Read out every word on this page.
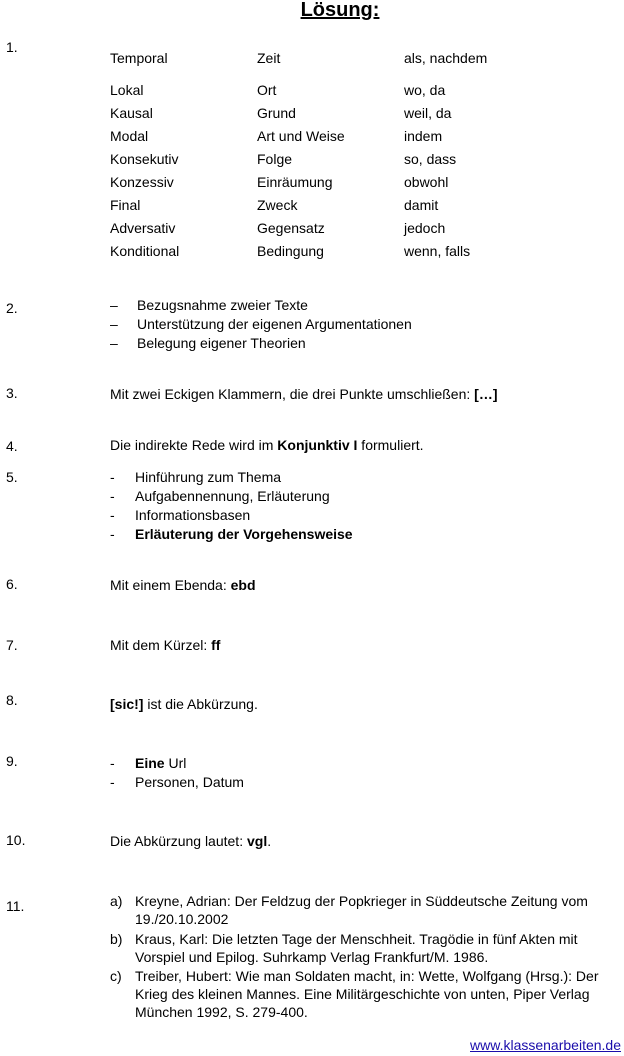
Lösung:
1.
Temporal	Zeit	als, nachdem
Lokal	Ort	wo, da
Kausal	Grund	weil, da
Modal	Art und Weise	indem
Konsekutiv	Folge	so, dass
Konzessiv	Einräumung	obwohl
Final	Zweck	damit
Adversativ	Gegensatz	jedoch
Konditional	Bedingung	wenn, falls
2.	–	Bezugsnahme zweier Texte
–	Unterstützung der eigenen Argumentationen
–	Belegung eigener Theorien
3.	Mit zwei Eckigen Klammern, die drei Punkte umschließen: […]
4.	Die indirekte Rede wird im Konjunktiv I formuliert.
5.	-	Hinführung zum Thema
-	Aufgabennennung, Erläuterung
-	Informationsbasen
-	Erläuterung der Vorgehensweise
6.	Mit einem Ebenda: ebd
7.	Mit dem Kürzel: ff
8.	[sic!] ist die Abkürzung.
9.	-	Eine Url
-	Personen, Datum
10.	Die Abkürzung lautet: vgl.
11.	a) Kreyne, Adrian: Der Feldzug der Popkrieger in Süddeutsche Zeitung vom 19./20.10.2002
b) Kraus, Karl: Die letzten Tage der Menschheit. Tragödie in fünf Akten mit Vorspiel und Epilog. Suhrkamp Verlag Frankfurt/M. 1986.
c) Treiber, Hubert: Wie man Soldaten macht, in: Wette, Wolfgang (Hrsg.): Der Krieg des kleinen Mannes. Eine Militärgeschichte von unten, Piper Verlag München 1992, S. 279-400.
www.klassenarbeiten.de
